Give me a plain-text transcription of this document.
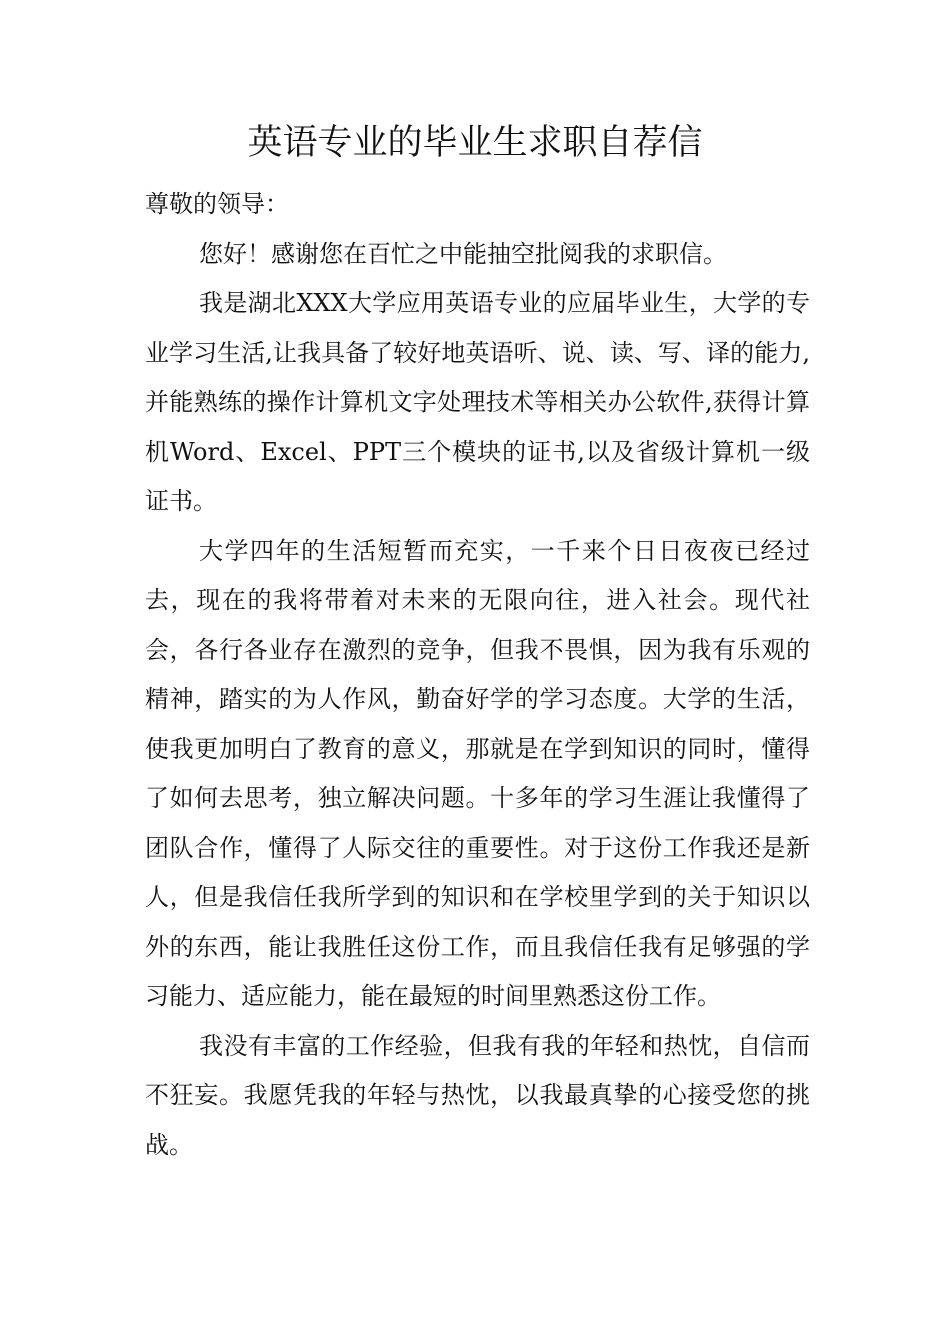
英语专业的毕业生求职自荐信

尊敬的领导：

您好！感谢您在百忙之中能抽空批阅我的求职信。

我是湖北XXX大学应用英语专业的应届毕业生，大学的专业学习生活,让我具备了较好地英语听、说、读、写、译的能力,并能熟练的操作计算机文字处理技术等相关办公软件,获得计算机Word、Excel、PPT三个模块的证书,以及省级计算机一级证书。

大学四年的生活短暂而充实，一千来个日日夜夜已经过去，现在的我将带着对未来的无限向往，进入社会。现代社会，各行各业存在激烈的竞争，但我不畏惧，因为我有乐观的精神，踏实的为人作风，勤奋好学的学习态度。大学的生活，使我更加明白了教育的意义，那就是在学到知识的同时，懂得了如何去思考，独立解决问题。十多年的学习生涯让我懂得了团队合作，懂得了人际交往的重要性。对于这份工作我还是新人，但是我信任我所学到的知识和在学校里学到的关于知识以外的东西，能让我胜任这份工作，而且我信任我有足够强的学习能力、适应能力，能在最短的时间里熟悉这份工作。

我没有丰富的工作经验，但我有我的年轻和热忱，自信而不狂妄。我愿凭我的年轻与热忱，以我最真挚的心接受您的挑战。
